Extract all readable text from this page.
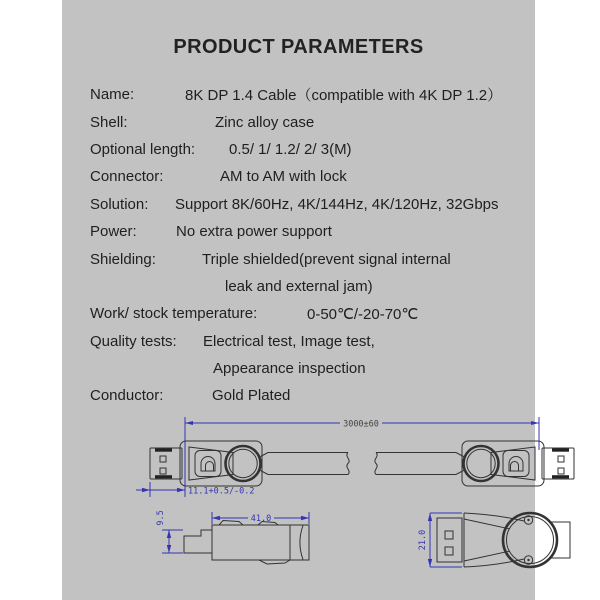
PRODUCT PARAMETERS
Name:	8K DP 1.4 Cable（compatible with 4K DP 1.2）
Shell:	Zinc alloy case
Optional length:	0.5/ 1/ 1.2/ 2/ 3(M)
Connector:	AM to AM with lock
Solution:	Support 8K/60Hz, 4K/144Hz, 4K/120Hz, 32Gbps
Power:	No extra power support
Shielding:	Triple shielded(prevent signal internal
leak and external jam)
Work/ stock temperature:	0-50℃/-20-70℃
Quality tests:	Electrical test, Image test,
Appearance inspection
Conductor:	Gold Plated
3000±60
11.1+0.5/-0.2
41.0
9.5
21.0
